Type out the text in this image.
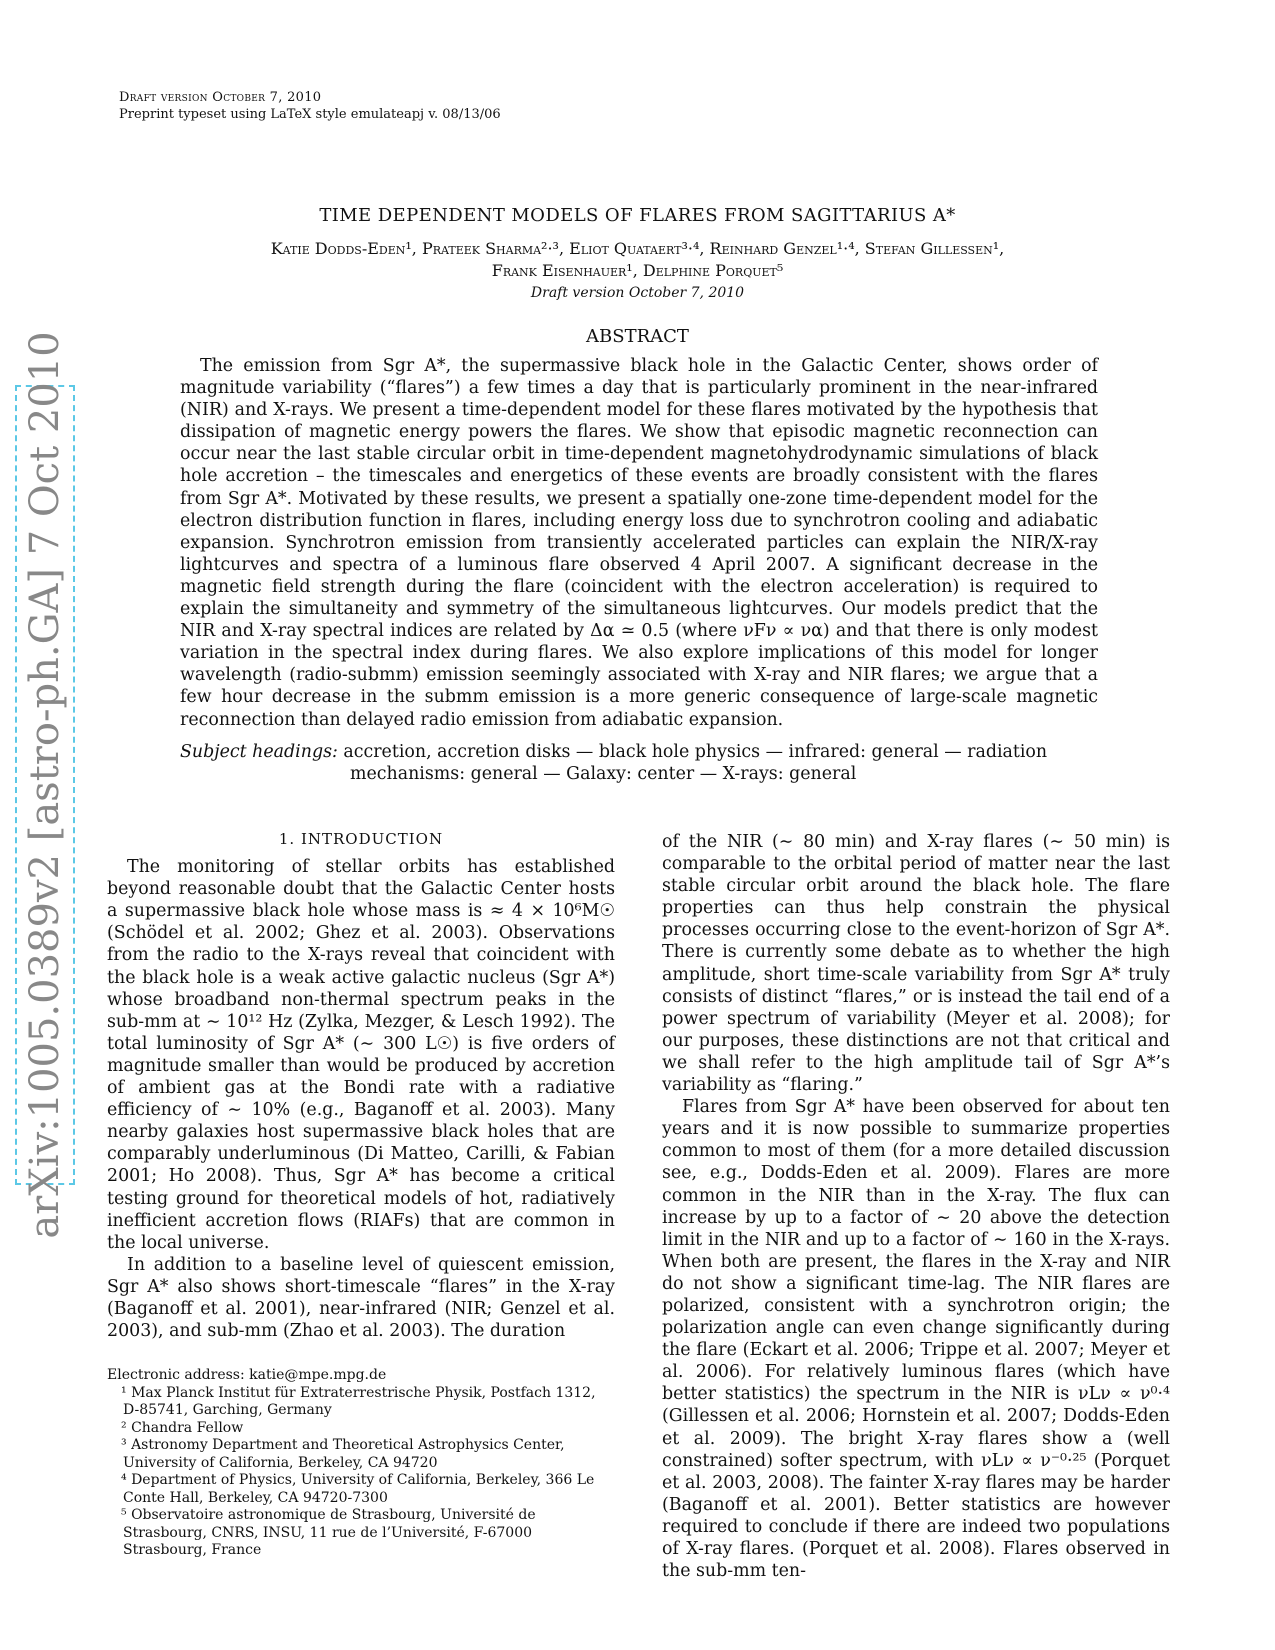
Draft version October 7, 2010
Preprint typeset using LaTeX style emulateapj v. 08/13/06
arXiv:1005.0389v2 [astro-ph.GA] 7 Oct 2010
TIME DEPENDENT MODELS OF FLARES FROM SAGITTARIUS A*
Katie Dodds-Eden¹, Prateek Sharma²·³, Eliot Quataert³·⁴, Reinhard Genzel¹·⁴, Stefan Gillessen¹,
Frank Eisenhauer¹, Delphine Porquet⁵
Draft version October 7, 2010
ABSTRACT
The emission from Sgr A*, the supermassive black hole in the Galactic Center, shows order of magnitude variability (“flares”) a few times a day that is particularly prominent in the near-infrared (NIR) and X-rays. We present a time-dependent model for these flares motivated by the hypothesis that dissipation of magnetic energy powers the flares. We show that episodic magnetic reconnection can occur near the last stable circular orbit in time-dependent magnetohydrodynamic simulations of black hole accretion – the timescales and energetics of these events are broadly consistent with the flares from Sgr A*. Motivated by these results, we present a spatially one-zone time-dependent model for the electron distribution function in flares, including energy loss due to synchrotron cooling and adiabatic expansion. Synchrotron emission from transiently accelerated particles can explain the NIR/X-ray lightcurves and spectra of a luminous flare observed 4 April 2007. A significant decrease in the magnetic field strength during the flare (coincident with the electron acceleration) is required to explain the simultaneity and symmetry of the simultaneous lightcurves. Our models predict that the NIR and X-ray spectral indices are related by Δα ≃ 0.5 (where νFν ∝ να) and that there is only modest variation in the spectral index during flares. We also explore implications of this model for longer wavelength (radio-submm) emission seemingly associated with X-ray and NIR flares; we argue that a few hour decrease in the submm emission is a more generic consequence of large-scale magnetic reconnection than delayed radio emission from adiabatic expansion.
Subject headings: accretion, accretion disks — black hole physics — infrared: general — radiation
mechanisms: general — Galaxy: center — X-rays: general
1. INTRODUCTION

The monitoring of stellar orbits has established beyond reasonable doubt that the Galactic Center hosts a supermassive black hole whose mass is ≈ 4 × 10⁶M☉ (Schödel et al. 2002; Ghez et al. 2003). Observations from the radio to the X-rays reveal that coincident with the black hole is a weak active galactic nucleus (Sgr A*) whose broadband non-thermal spectrum peaks in the sub-mm at ∼ 10¹² Hz (Zylka, Mezger, & Lesch 1992). The total luminosity of Sgr A* (∼ 300 L☉) is five orders of magnitude smaller than would be produced by accretion of ambient gas at the Bondi rate with a radiative efficiency of ∼ 10% (e.g., Baganoff et al. 2003). Many nearby galaxies host supermassive black holes that are comparably underluminous (Di Matteo, Carilli, & Fabian 2001; Ho 2008). Thus, Sgr A* has become a critical testing ground for theoretical models of hot, radiatively inefficient accretion flows (RIAFs) that are common in the local universe.

In addition to a baseline level of quiescent emission, Sgr A* also shows short-timescale “flares” in the X-ray (Baganoff et al. 2001), near-infrared (NIR; Genzel et al. 2003), and sub-mm (Zhao et al. 2003). The duration

Electronic address: katie@mpe.mpg.de
¹ Max Planck Institut für Extraterrestrische Physik, Postfach 1312, D-85741, Garching, Germany
² Chandra Fellow
³ Astronomy Department and Theoretical Astrophysics Center, University of California, Berkeley, CA 94720
⁴ Department of Physics, University of California, Berkeley, 366 Le Conte Hall, Berkeley, CA 94720-7300
⁵ Observatoire astronomique de Strasbourg, Université de Strasbourg, CNRS, INSU, 11 rue de l’Université, F-67000 Strasbourg, France

of the NIR (∼ 80 min) and X-ray flares (∼ 50 min) is comparable to the orbital period of matter near the last stable circular orbit around the black hole. The flare properties can thus help constrain the physical processes occurring close to the event-horizon of Sgr A*. There is currently some debate as to whether the high amplitude, short time-scale variability from Sgr A* truly consists of distinct “flares,” or is instead the tail end of a power spectrum of variability (Meyer et al. 2008); for our purposes, these distinctions are not that critical and we shall refer to the high amplitude tail of Sgr A*’s variability as “flaring.”

Flares from Sgr A* have been observed for about ten years and it is now possible to summarize properties common to most of them (for a more detailed discussion see, e.g., Dodds-Eden et al. 2009). Flares are more common in the NIR than in the X-ray. The flux can increase by up to a factor of ∼ 20 above the detection limit in the NIR and up to a factor of ∼ 160 in the X-rays. When both are present, the flares in the X-ray and NIR do not show a significant time-lag. The NIR flares are polarized, consistent with a synchrotron origin; the polarization angle can even change significantly during the flare (Eckart et al. 2006; Trippe et al. 2007; Meyer et al. 2006). For relatively luminous flares (which have better statistics) the spectrum in the NIR is νLν ∝ ν⁰·⁴ (Gillessen et al. 2006; Hornstein et al. 2007; Dodds-Eden et al. 2009). The bright X-ray flares show a (well constrained) softer spectrum, with νLν ∝ ν⁻⁰·²⁵ (Porquet et al. 2003, 2008). The fainter X-ray flares may be harder (Baganoff et al. 2001). Better statistics are however required to conclude if there are indeed two populations of X-ray flares. (Porquet et al. 2008). Flares observed in the sub-mm ten-
